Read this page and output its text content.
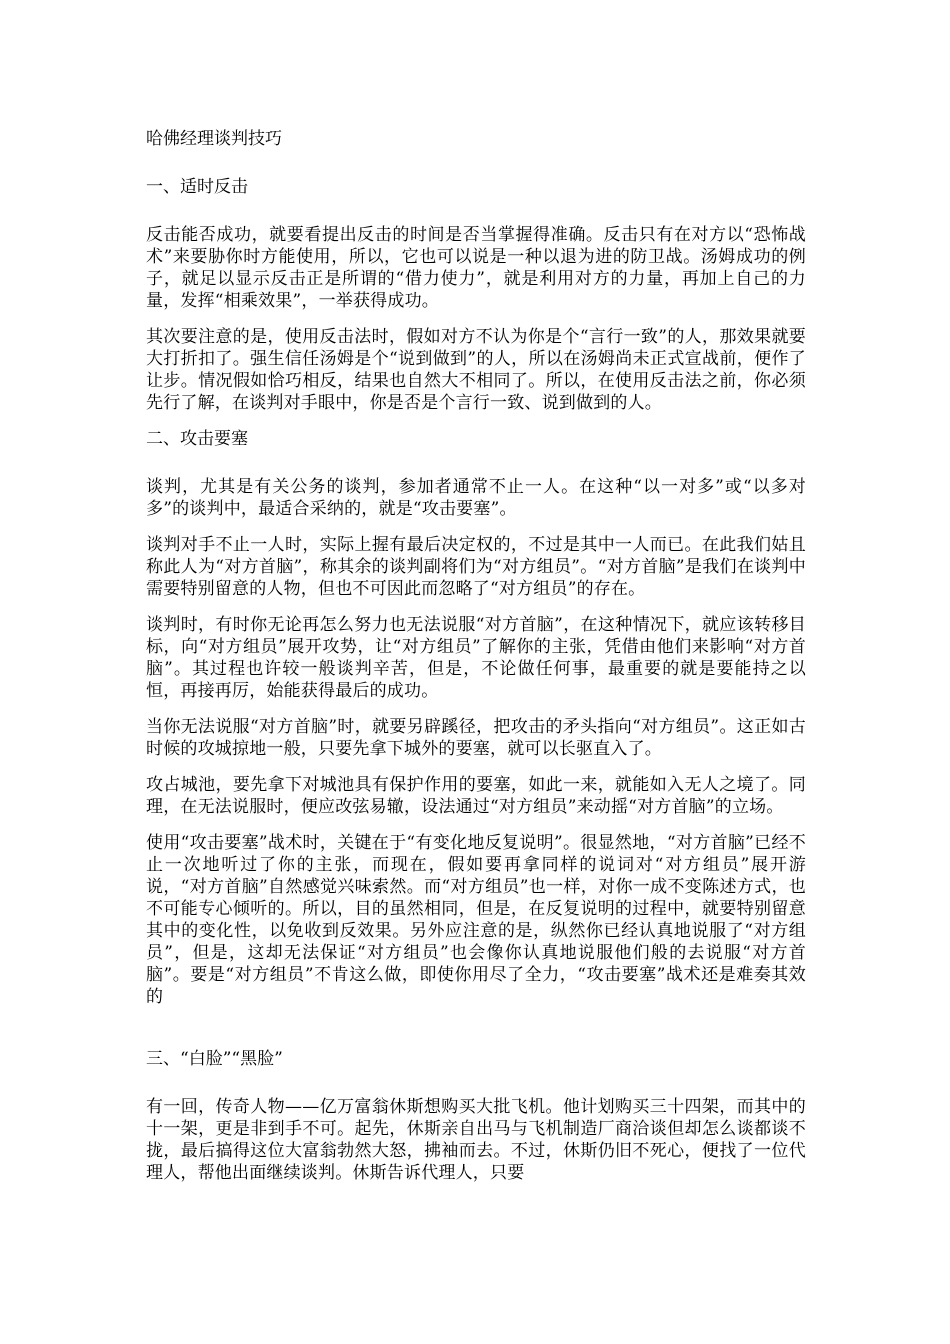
哈佛经理谈判技巧
一、适时反击

反击能否成功，就要看提出反击的时间是否当掌握得准确。反击只有在对方以“恐怖战术”来要胁你时方能使用，所以，它也可以说是一种以退为进的防卫战。汤姆成功的例子，就足以显示反击正是所谓的“借力使力”，就是利用对方的力量，再加上自己的力量，发挥“相乘效果”，一举获得成功。

其次要注意的是，使用反击法时，假如对方不认为你是个“言行一致”的人，那效果就要大打折扣了。强生信任汤姆是个“说到做到”的人，所以在汤姆尚未正式宣战前，便作了让步。情况假如恰巧相反，结果也自然大不相同了。所以，在使用反击法之前，你必须先行了解，在谈判对手眼中，你是否是个言行一致、说到做到的人。

二、攻击要塞

谈判，尤其是有关公务的谈判，参加者通常不止一人。在这种“以一对多”或“以多对多”的谈判中，最适合采纳的，就是“攻击要塞”。

谈判对手不止一人时，实际上握有最后决定权的，不过是其中一人而已。在此我们姑且称此人为“对方首脑”，称其余的谈判副将们为“对方组员”。“对方首脑”是我们在谈判中需要特别留意的人物，但也不可因此而忽略了“对方组员”的存在。

谈判时，有时你无论再怎么努力也无法说服“对方首脑”，在这种情况下，就应该转移目标，向“对方组员”展开攻势，让“对方组员”了解你的主张，凭借由他们来影响“对方首脑”。其过程也许较一般谈判辛苦，但是，不论做任何事，最重要的就是要能持之以恒，再接再厉，始能获得最后的成功。

当你无法说服“对方首脑”时，就要另辟蹊径，把攻击的矛头指向“对方组员”。这正如古时候的攻城掠地一般，只要先拿下城外的要塞，就可以长驱直入了。

攻占城池，要先拿下对城池具有保护作用的要塞，如此一来，就能如入无人之境了。同理，在无法说服时，便应改弦易辙，设法通过“对方组员”来动摇“对方首脑”的立场。

使用“攻击要塞”战术时，关键在于“有变化地反复说明”。很显然地，“对方首脑”已经不止一次地听过了你的主张，而现在，假如要再拿同样的说词对“对方组员”展开游说，“对方首脑”自然感觉兴味索然。而“对方组员”也一样，对你一成不变陈述方式，也不可能专心倾听的。所以，目的虽然相同，但是，在反复说明的过程中，就要特别留意其中的变化性，以免收到反效果。另外应注意的是，纵然你已经认真地说服了“对方组员”，但是，这却无法保证“对方组员”也会像你认真地说服他们般的去说服“对方首脑”。要是“对方组员”不肯这么做，即使你用尽了全力，“攻击要塞”战术还是难奏其效的

三、“白脸”“黑脸”

有一回，传奇人物——亿万富翁休斯想购买大批飞机。他计划购买三十四架，而其中的十一架，更是非到手不可。起先，休斯亲自出马与飞机制造厂商洽谈但却怎么谈都谈不拢，最后搞得这位大富翁勃然大怒，拂袖而去。不过，休斯仍旧不死心，便找了一位代理人，帮他出面继续谈判。休斯告诉代理人，只要
